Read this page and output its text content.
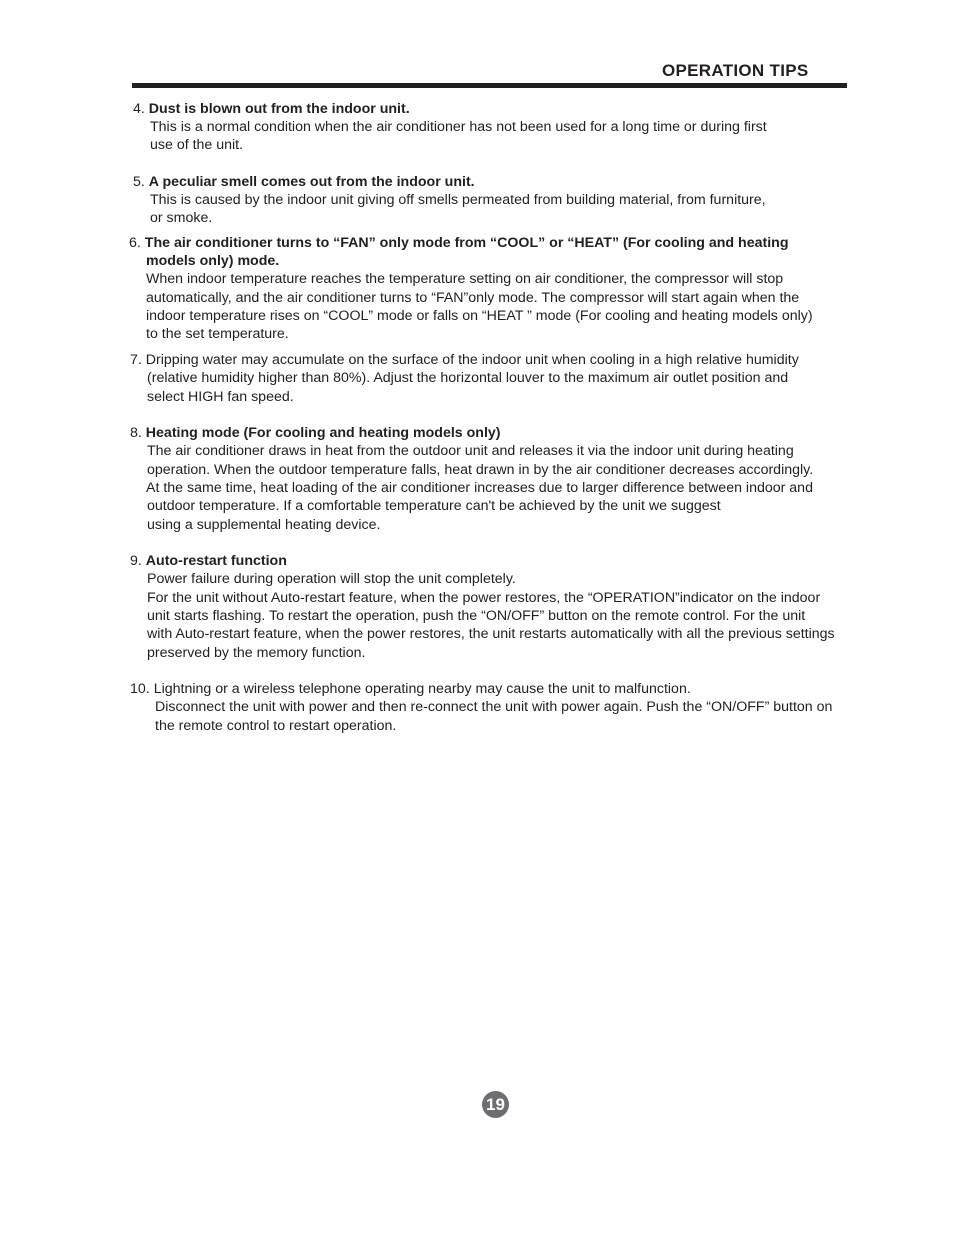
OPERATION TIPS
4. Dust is blown out from the indoor unit.
This is a normal condition when the air conditioner has not been used for a long time or during first
use of the unit.
5. A peculiar smell comes out from the indoor unit.
This is caused by the indoor unit giving off smells permeated from building material, from furniture,
or smoke.
6. The air conditioner turns to “FAN” only mode from “COOL” or “HEAT” (For cooling and heating
models only) mode.
When indoor temperature reaches the temperature setting on air conditioner, the compressor will stop
automatically, and the air conditioner turns to “FAN”only mode. The compressor will start again when the
indoor temperature rises on “COOL” mode or falls on “HEAT ” mode (For cooling and heating models only)
to the set temperature.
7. Dripping water may accumulate on the surface of the indoor unit when cooling in a high relative humidity
(relative humidity higher than 80%). Adjust the horizontal louver to the maximum air outlet position and
select HIGH fan speed.
8. Heating mode (For cooling and heating models only)
The air conditioner draws in heat from the outdoor unit and releases it via the indoor unit during heating
operation. When the outdoor temperature falls, heat drawn in by the air conditioner decreases accordingly.
At the same time, heat loading of the air conditioner increases due to larger difference between indoor and
outdoor temperature. If a comfortable temperature can't be achieved by the unit we suggest
using a supplemental heating device.
9. Auto-restart function
Power failure during operation will stop the unit completely.
For the unit without Auto-restart feature, when the power restores, the “OPERATION”indicator on the indoor
unit starts flashing. To restart the operation, push the “ON/OFF” button on the remote control. For the unit
with Auto-restart feature, when the power restores, the unit restarts automatically with all the previous settings
preserved by the memory function.
10. Lightning or a wireless telephone operating nearby may cause the unit to malfunction.
Disconnect the unit with power and then re-connect the unit with power again. Push the “ON/OFF” button on
the remote control to restart operation.
19
